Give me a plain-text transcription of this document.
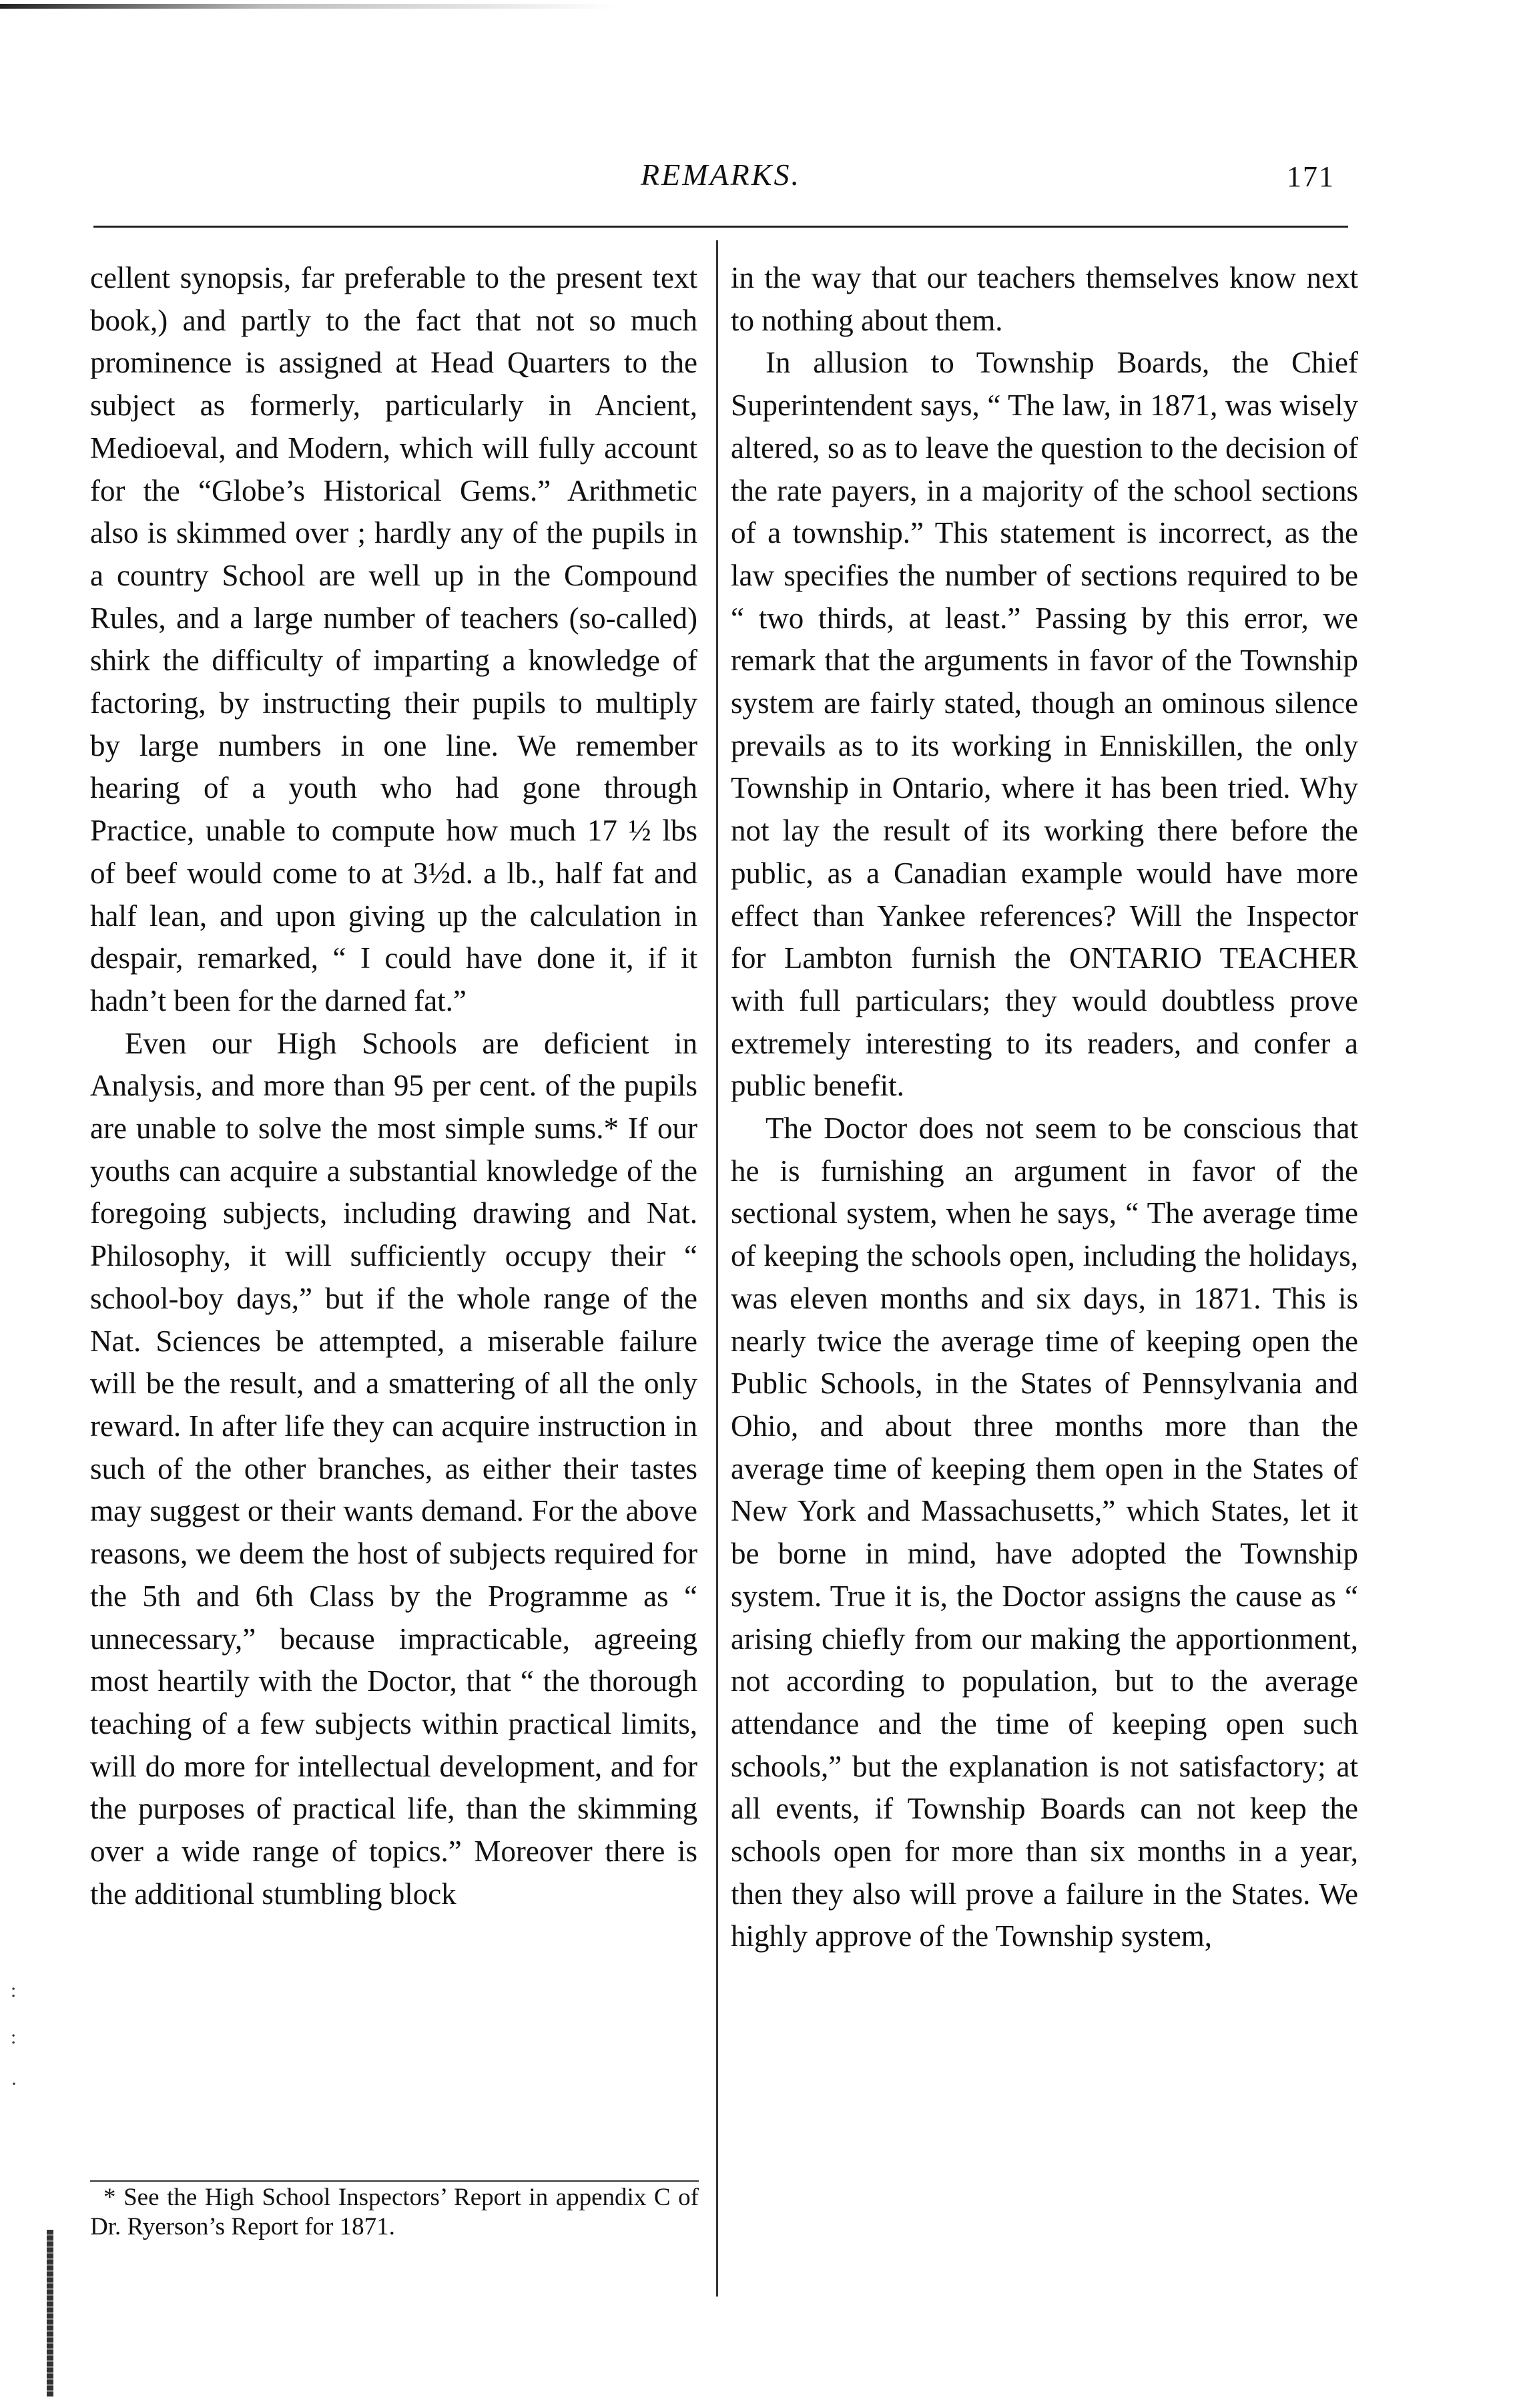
REMARKS.	171

cellent synopsis, far preferable to the present text book,) and partly to the fact that not so much prominence is assigned at Head Quarters to the subject as formerly, particularly in Ancient, Medioeval, and Modern, which will fully account for the “Globe’s Historical Gems.” Arithmetic also is skimmed over ; hardly any of the pupils in a country School are well up in the Compound Rules, and a large number of teachers (so-called) shirk the difficulty of imparting a knowledge of factoring, by instructing their pupils to multiply by large numbers in one line. We remember hearing of a youth who had gone through Practice, unable to compute how much 17 ½ lbs of beef would come to at 3½d. a lb., half fat and half lean, and upon giving up the calculation in despair, remarked, “ I could have done it, if it hadn’t been for the darned fat.”

Even our High Schools are deficient in Analysis, and more than 95 per cent. of the pupils are unable to solve the most simple sums.* If our youths can acquire a substantial knowledge of the foregoing subjects, including drawing and Nat. Philosophy, it will sufficiently occupy their “ school-boy days,” but if the whole range of the Nat. Sciences be attempted, a miserable failure will be the result, and a smattering of all the only reward. In after life they can acquire instruction in such of the other branches, as either their tastes may suggest or their wants demand. For the above reasons, we deem the host of subjects required for the 5th and 6th Class by the Programme as “ unnecessary,” because impracticable, agreeing most heartily with the Doctor, that “ the thorough teaching of a few subjects within practical limits, will do more for intellectual development, and for the purposes of practical life, than the skimming over a wide range of topics.” Moreover there is the additional stumbling block

* See the High School Inspectors’ Report in appendix C of Dr. Ryerson’s Report for 1871.

in the way that our teachers themselves know next to nothing about them.

In allusion to Township Boards, the Chief Superintendent says, “ The law, in 1871, was wisely altered, so as to leave the question to the decision of the rate payers, in a majority of the school sections of a township.” This statement is incorrect, as the law specifies the number of sections required to be “ two thirds, at least.” Passing by this error, we remark that the arguments in favor of the Township system are fairly stated, though an ominous silence prevails as to its working in Enniskillen, the only Township in Ontario, where it has been tried. Why not lay the result of its working there before the public, as a Canadian example would have more effect than Yankee references? Will the Inspector for Lambton furnish the ONTARIO TEACHER with full particulars; they would doubtless prove extremely interesting to its readers, and confer a public benefit.

The Doctor does not seem to be conscious that he is furnishing an argument in favor of the sectional system, when he says, “ The average time of keeping the schools open, including the holidays, was eleven months and six days, in 1871. This is nearly twice the average time of keeping open the Public Schools, in the States of Pennsylvania and Ohio, and about three months more than the average time of keeping them open in the States of New York and Massachusetts,” which States, let it be borne in mind, have adopted the Township system. True it is, the Doctor assigns the cause as “ arising chiefly from our making the apportionment, not according to population, but to the average attendance and the time of keeping open such schools,” but the explanation is not satisfactory; at all events, if Township Boards can not keep the schools open for more than six months in a year, then they also will prove a failure in the States. We highly approve of the Township system,

:
:
·
